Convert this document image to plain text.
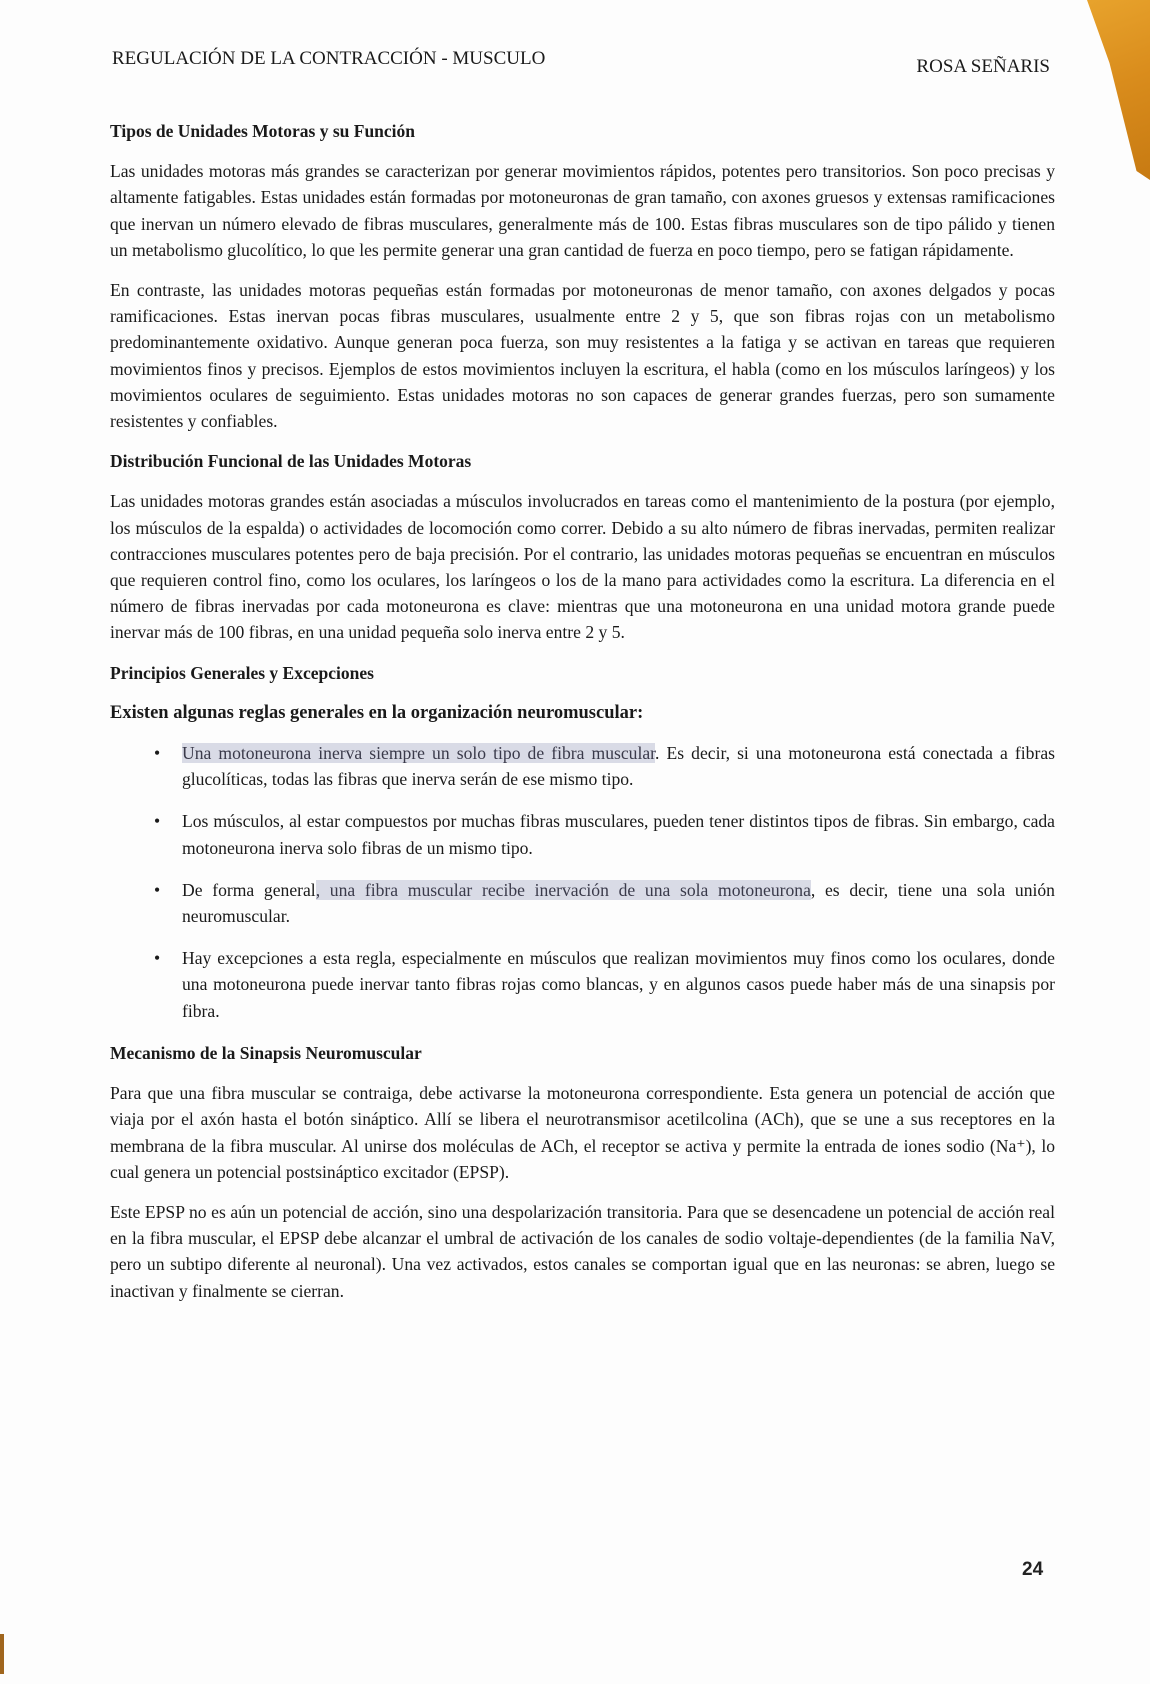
REGULACIÓN DE LA CONTRACCIÓN - MUSCULO	ROSA SEÑARIS
Tipos de Unidades Motoras y su Función

Las unidades motoras más grandes se caracterizan por generar movimientos rápidos, potentes pero transitorios. Son poco precisas y altamente fatigables. Estas unidades están formadas por motoneuronas de gran tamaño, con axones gruesos y extensas ramificaciones que inervan un número elevado de fibras musculares, generalmente más de 100. Estas fibras musculares son de tipo pálido y tienen un metabolismo glucolítico, lo que les permite generar una gran cantidad de fuerza en poco tiempo, pero se fatigan rápidamente.

En contraste, las unidades motoras pequeñas están formadas por motoneuronas de menor tamaño, con axones delgados y pocas ramificaciones. Estas inervan pocas fibras musculares, usualmente entre 2 y 5, que son fibras rojas con un metabolismo predominantemente oxidativo. Aunque generan poca fuerza, son muy resistentes a la fatiga y se activan en tareas que requieren movimientos finos y precisos. Ejemplos de estos movimientos incluyen la escritura, el habla (como en los músculos laríngeos) y los movimientos oculares de seguimiento. Estas unidades motoras no son capaces de generar grandes fuerzas, pero son sumamente resistentes y confiables.

Distribución Funcional de las Unidades Motoras

Las unidades motoras grandes están asociadas a músculos involucrados en tareas como el mantenimiento de la postura (por ejemplo, los músculos de la espalda) o actividades de locomoción como correr. Debido a su alto número de fibras inervadas, permiten realizar contracciones musculares potentes pero de baja precisión. Por el contrario, las unidades motoras pequeñas se encuentran en músculos que requieren control fino, como los oculares, los laríngeos o los de la mano para actividades como la escritura. La diferencia en el número de fibras inervadas por cada motoneurona es clave: mientras que una motoneurona en una unidad motora grande puede inervar más de 100 fibras, en una unidad pequeña solo inerva entre 2 y 5.

Principios Generales y Excepciones
Existen algunas reglas generales en la organización neuromuscular:
• Una motoneurona inerva siempre un solo tipo de fibra muscular. Es decir, si una motoneurona está conectada a fibras glucolíticas, todas las fibras que inerva serán de ese mismo tipo.
• Los músculos, al estar compuestos por muchas fibras musculares, pueden tener distintos tipos de fibras. Sin embargo, cada motoneurona inerva solo fibras de un mismo tipo.
• De forma general, una fibra muscular recibe inervación de una sola motoneurona, es decir, tiene una sola unión neuromuscular.
• Hay excepciones a esta regla, especialmente en músculos que realizan movimientos muy finos como los oculares, donde una motoneurona puede inervar tanto fibras rojas como blancas, y en algunos casos puede haber más de una sinapsis por fibra.
Mecanismo de la Sinapsis Neuromuscular

Para que una fibra muscular se contraiga, debe activarse la motoneurona correspondiente. Esta genera un potencial de acción que viaja por el axón hasta el botón sináptico. Allí se libera el neurotransmisor acetilcolina (ACh), que se une a sus receptores en la membrana de la fibra muscular. Al unirse dos moléculas de ACh, el receptor se activa y permite la entrada de iones sodio (Na⁺), lo cual genera un potencial postsináptico excitador (EPSP).

Este EPSP no es aún un potencial de acción, sino una despolarización transitoria. Para que se desencadene un potencial de acción real en la fibra muscular, el EPSP debe alcanzar el umbral de activación de los canales de sodio voltaje-dependientes (de la familia NaV, pero un subtipo diferente al neuronal). Una vez activados, estos canales se comportan igual que en las neuronas: se abren, luego se inactivan y finalmente se cierran.

24
